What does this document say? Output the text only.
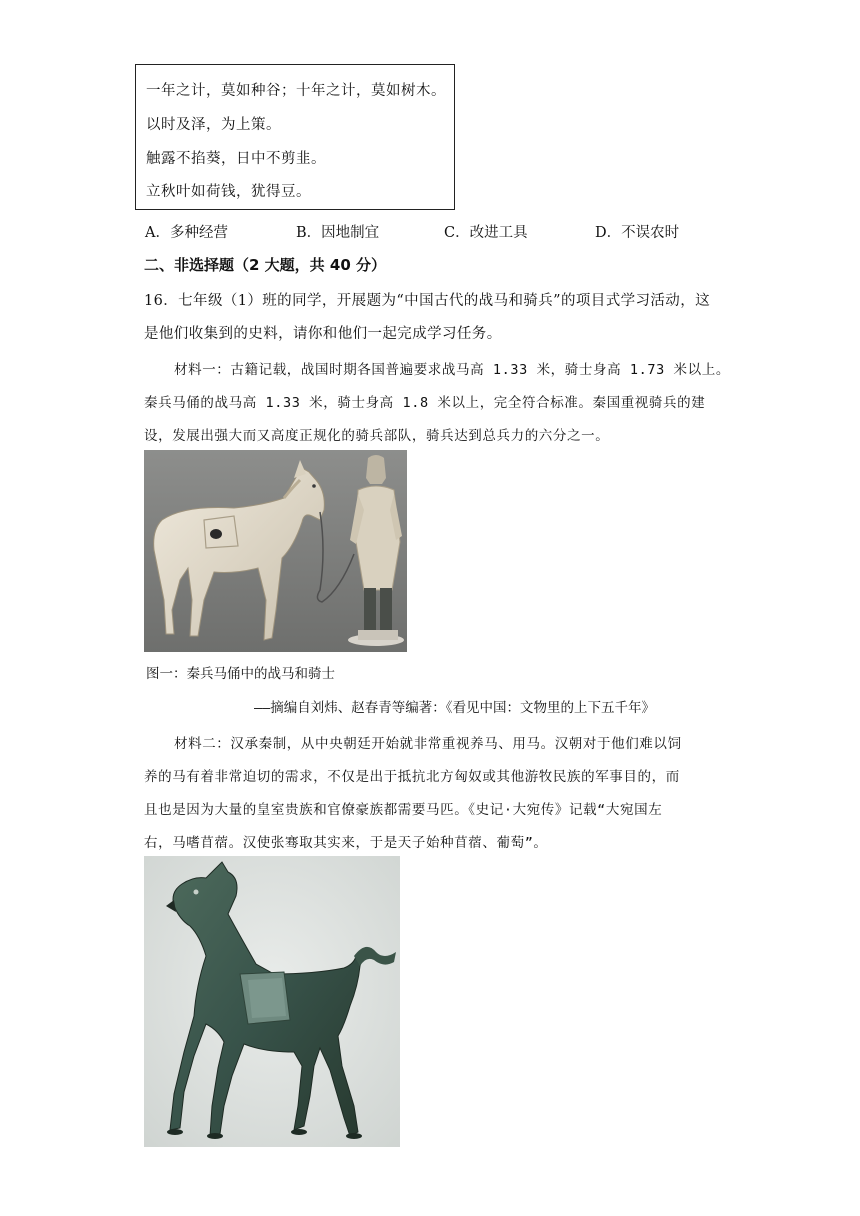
一年之计，莫如种谷；十年之计，莫如树木。
以时及泽，为上策。
触露不掐葵，日中不剪韭。
立秋叶如荷钱，犹得豆。
A．多种经营	B．因地制宜	C．改进工具	D．不误农时
二、非选择题（2 大题，共 40 分）
16．七年级（1）班的同学，开展题为“中国古代的战马和骑兵”的项目式学习活动，这
是他们收集到的史料，请你和他们一起完成学习任务。
材料一：古籍记载，战国时期各国普遍要求战马高 1.33 米，骑士身高 1.73 米以上。
秦兵马俑的战马高 1.33 米，骑士身高 1.8 米以上，完全符合标准。秦国重视骑兵的建
设，发展出强大而又高度正规化的骑兵部队，骑兵达到总兵力的六分之一。
图一：秦兵马俑中的战马和骑士
——摘编自刘炜、赵春青等编著：《看见中国：文物里的上下五千年》
材料二：汉承秦制，从中央朝廷开始就非常重视养马、用马。汉朝对于他们难以饲
养的马有着非常迫切的需求，不仅是出于抵抗北方匈奴或其他游牧民族的军事目的，而
且也是因为大量的皇室贵族和官僚豪族都需要马匹。《史记·大宛传》记载“大宛国左
右，马嗜苜蓿。汉使张骞取其实来，于是天子始种苜蓿、葡萄”。
